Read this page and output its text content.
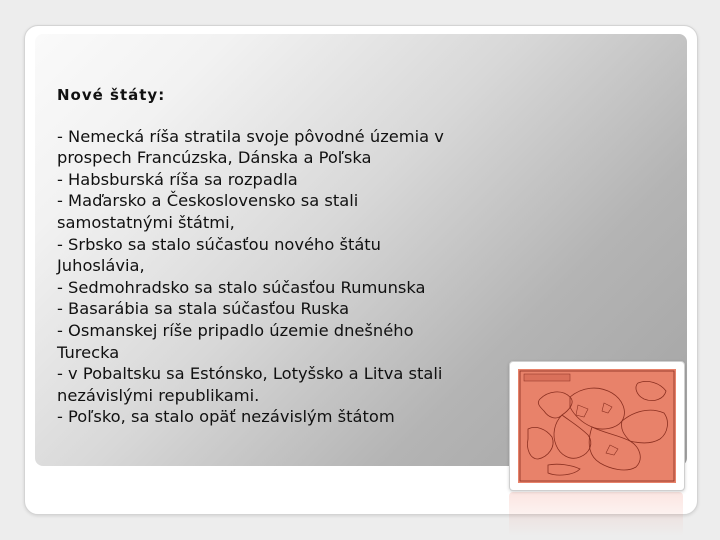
Nové štáty:

- Nemecká ríša stratila svoje pôvodné územia v

prospech Francúzska, Dánska a Poľska

- Habsburská ríša sa rozpadla

- Maďarsko a Československo sa stali

samostatnými štátmi,

- Srbsko sa stalo súčasťou nového štátu

Juhoslávia,

- Sedmohradsko sa stalo súčasťou Rumunska

- Basarábia sa stala súčasťou Ruska

- Osmanskej ríše pripadlo územie dnešného

Turecka

- v Pobaltsku sa Estónsko, Lotyšsko a Litva stali

nezávislými republikami.

- Poľsko, sa stalo opäť nezávislým štátom
